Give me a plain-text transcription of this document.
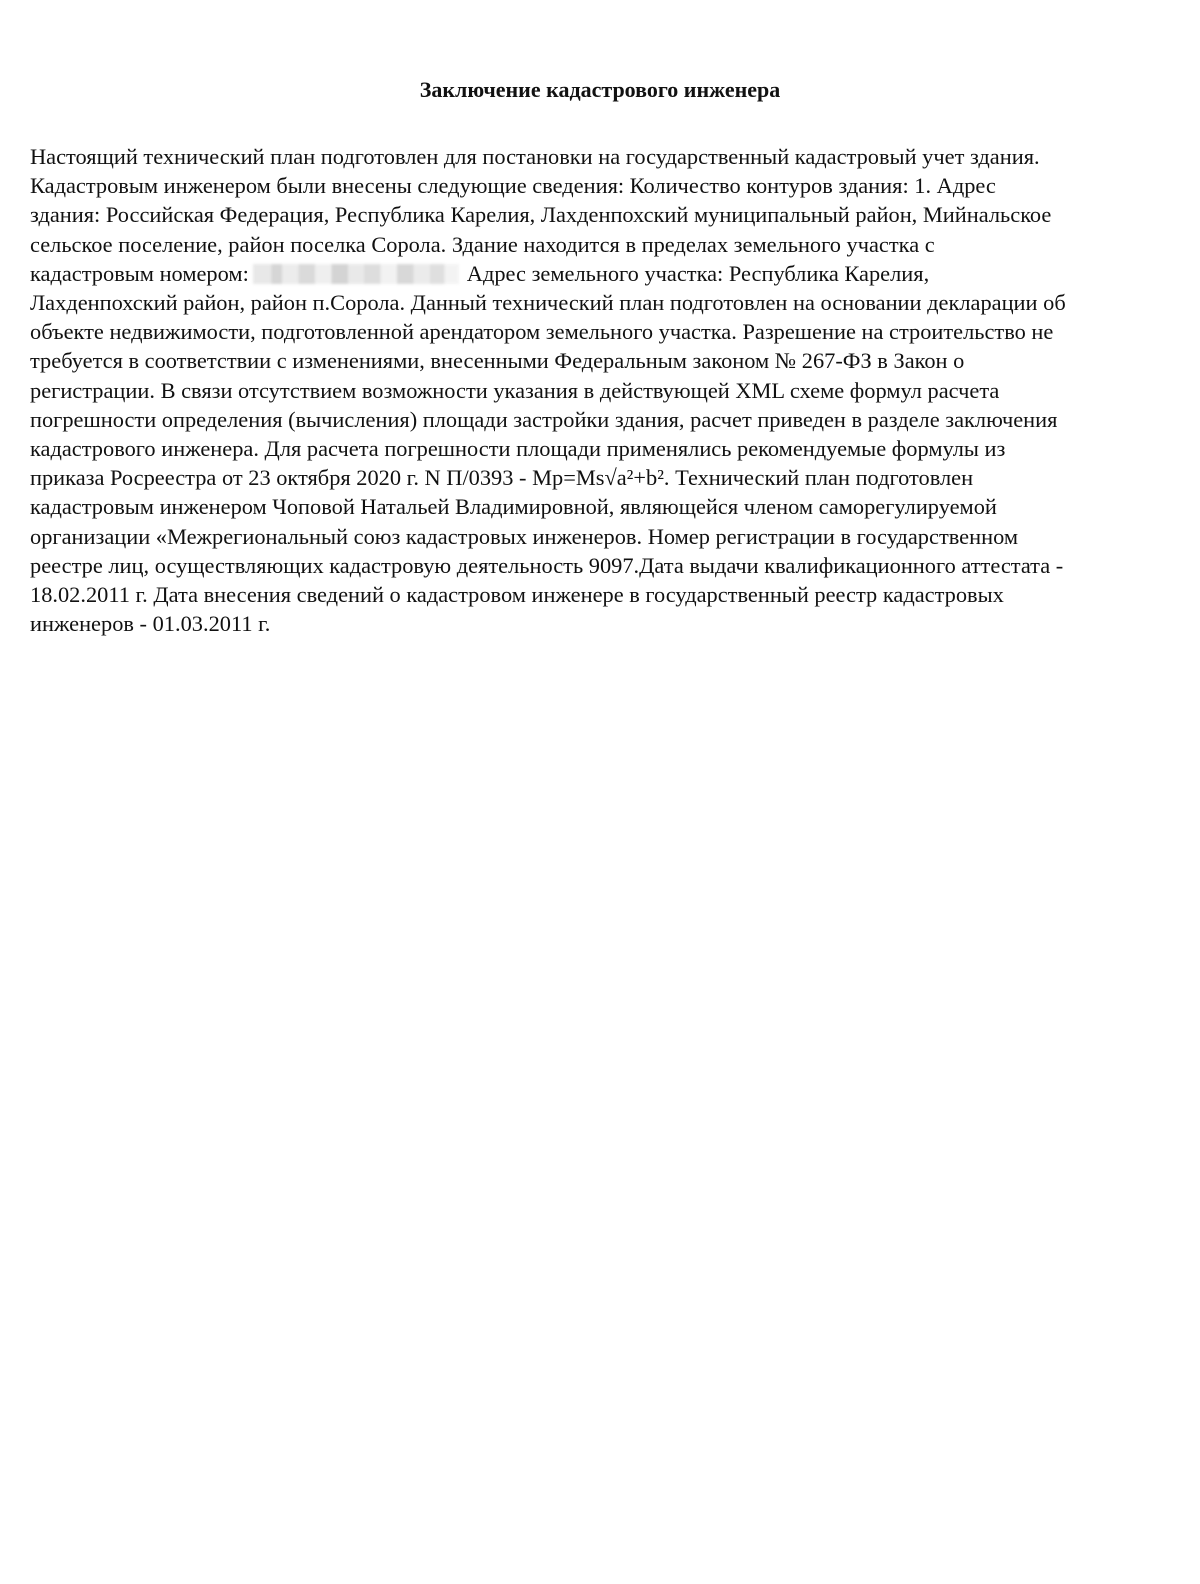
Заключение кадастрового инженера
Настоящий технический план подготовлен для постановки на государственный кадастровый учет здания.
Кадастровым инженером были внесены следующие сведения: Количество контуров здания: 1. Адрес
здания: Российская Федерация, Республика Карелия, Лахденпохский муниципальный район, Мийнальское
сельское поселение, район поселка Сорола. Здание находится в пределах земельного участка с
кадастровым номером:	Адрес земельного участка: Республика Карелия,
Лахденпохский район, район п.Сорола. Данный технический план подготовлен на основании декларации об
объекте недвижимости, подготовленной арендатором земельного участка. Разрешение на строительство не
требуется в соответствии с изменениями, внесенными Федеральным законом № 267-ФЗ в Закон о
регистрации. В связи отсутствием возможности указания в действующей XML схеме формул расчета
погрешности определения (вычисления) площади застройки здания, расчет приведен в разделе заключения
кадастрового инженера. Для расчета погрешности площади применялись рекомендуемые формулы из
приказа Росреестра от 23 октября 2020 г. N П/0393 - Mp=Ms√a²+b². Технический план подготовлен
кадастровым инженером Чоповой Натальей Владимировной, являющейся членом саморегулируемой
организации «Межрегиональный союз кадастровых инженеров. Номер регистрации в государственном
реестре лиц, осуществляющих кадастровую деятельность 9097.Дата выдачи квалификационного аттестата -
18.02.2011 г. Дата внесения сведений о кадастровом инженере в государственный реестр кадастровых
инженеров - 01.03.2011 г.
